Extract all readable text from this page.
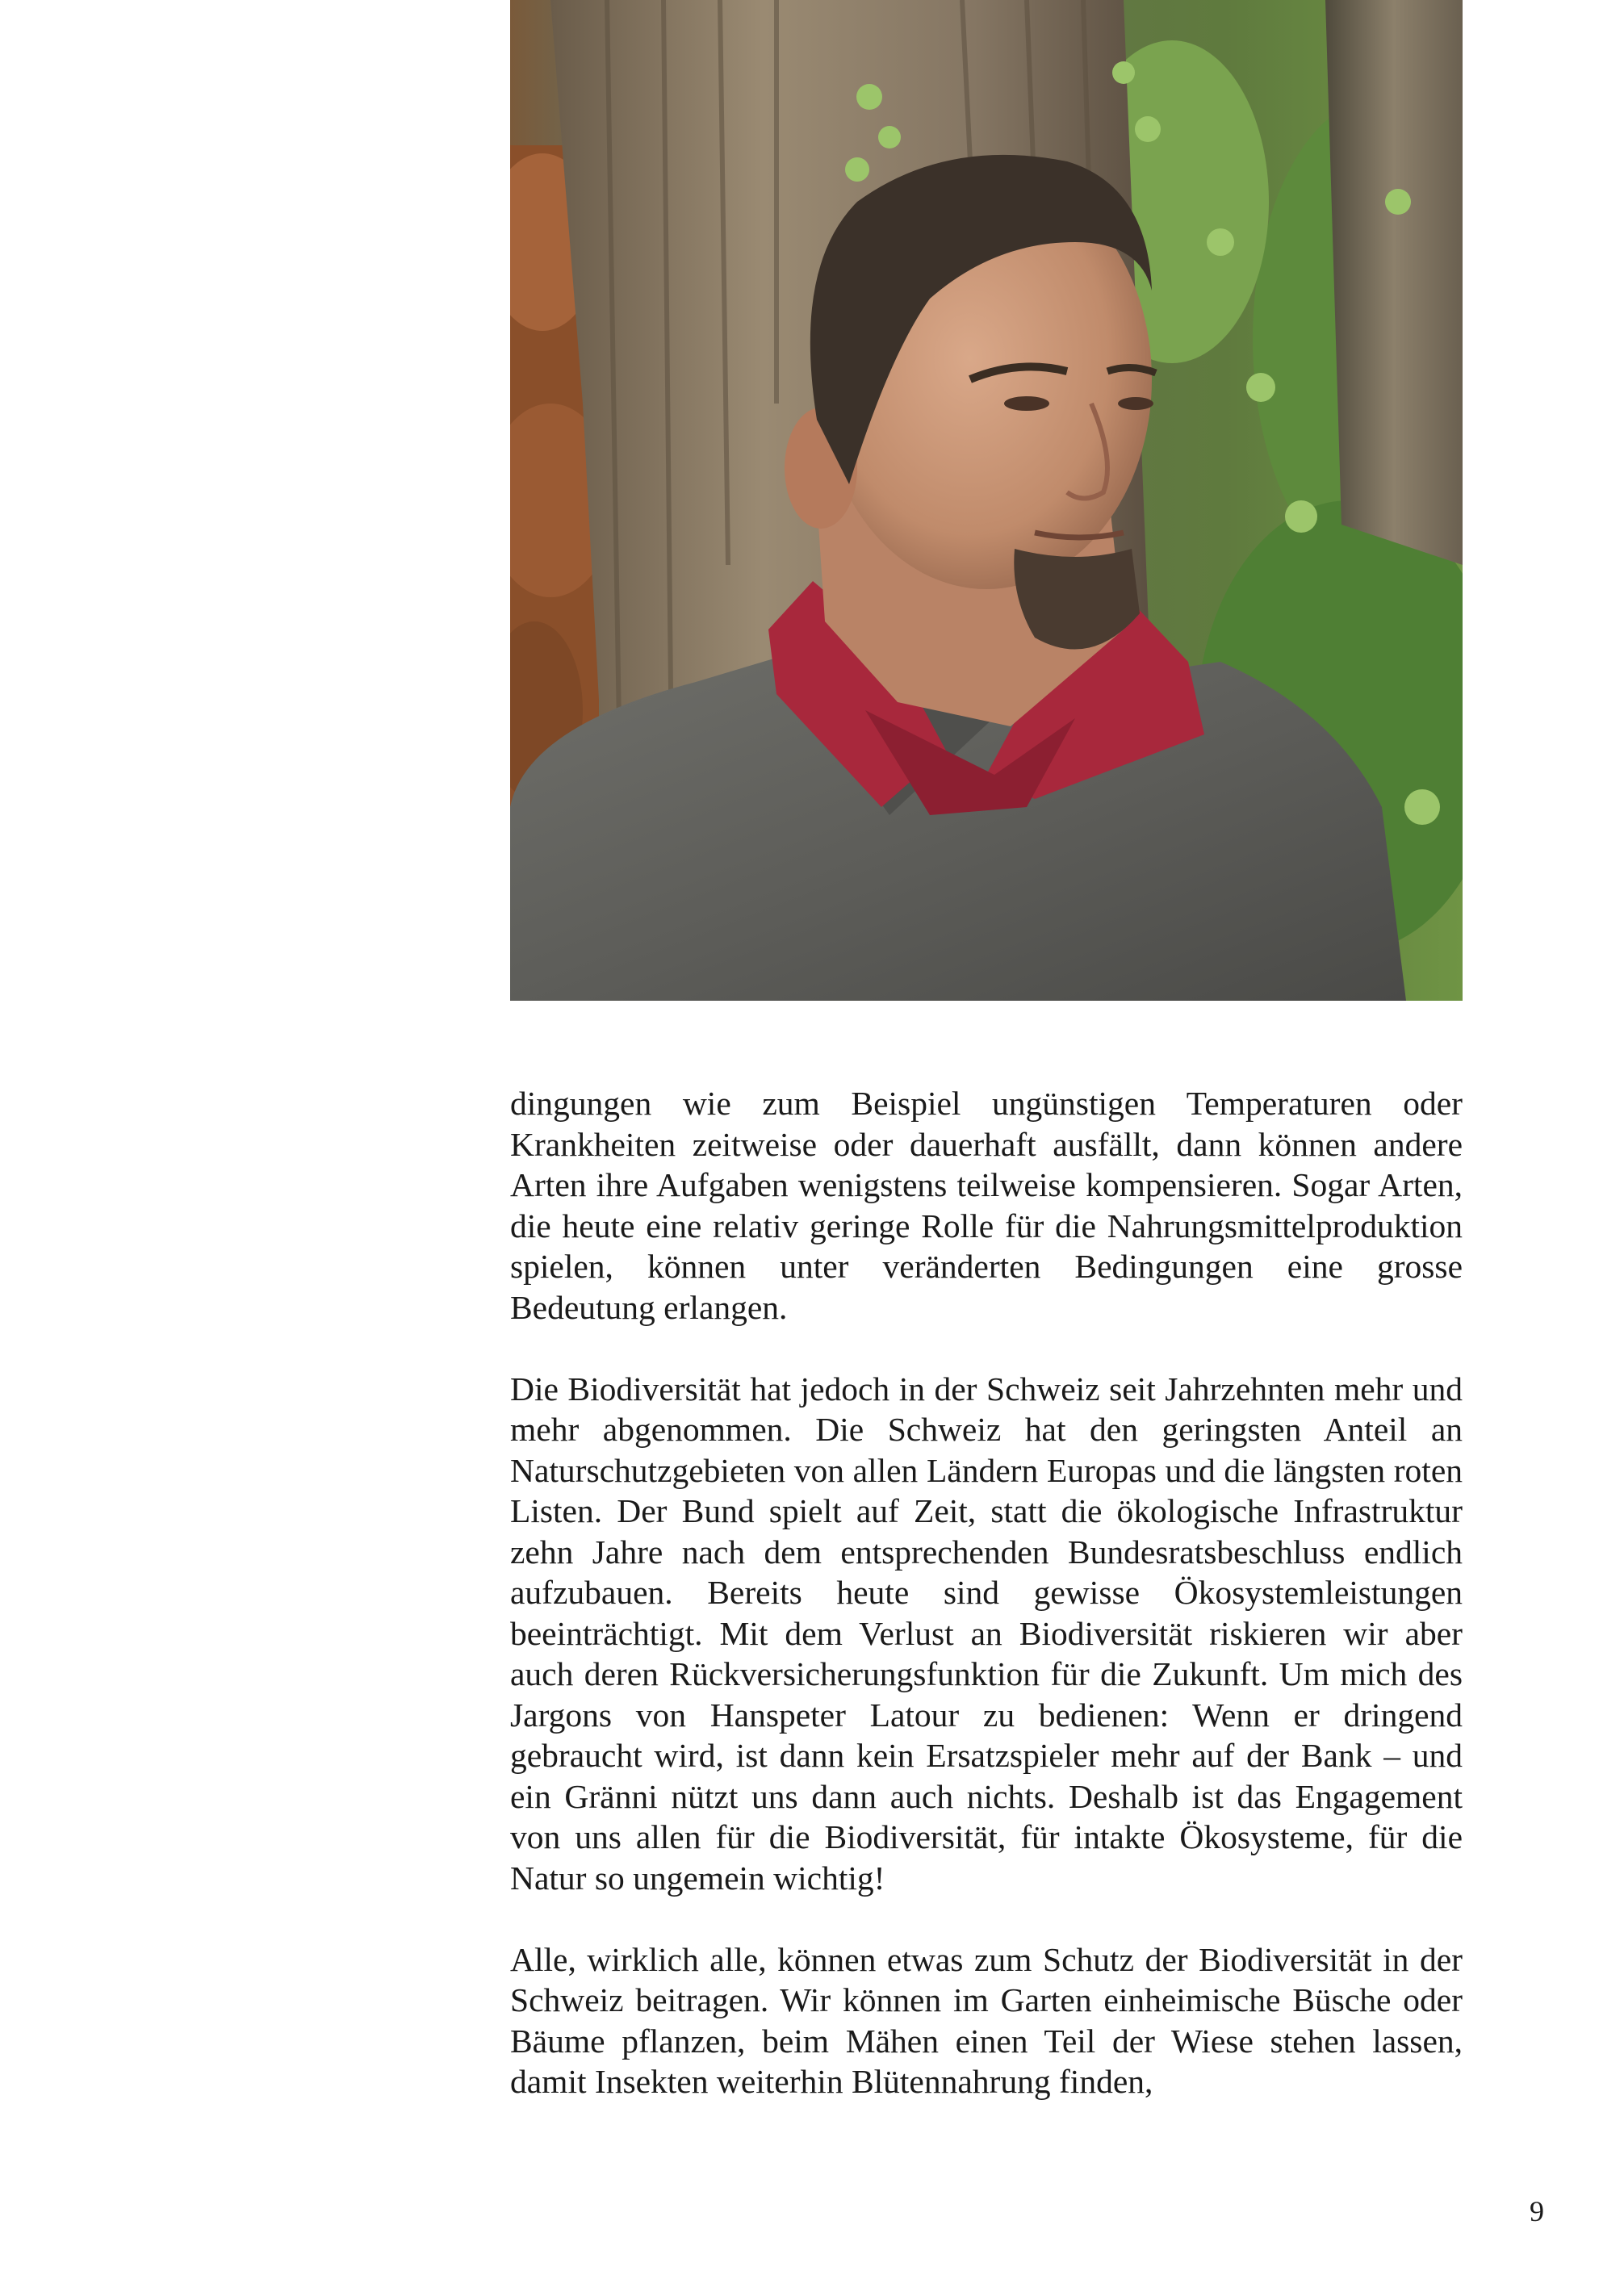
dingungen wie zum Beispiel ungünstigen Temperaturen oder Krankheiten zeitweise oder dauerhaft ausfällt, dann können andere Arten ihre Aufgaben wenigstens teilweise kompensieren. Sogar Arten, die heute eine relativ geringe Rolle für die Nahrungsmittelproduktion spielen, können unter veränderten Bedingungen eine grosse Bedeutung erlangen.

Die Biodiversität hat jedoch in der Schweiz seit Jahrzehnten mehr und mehr abgenommen. Die Schweiz hat den geringsten Anteil an Naturschutzgebieten von allen Ländern Europas und die längsten roten Listen. Der Bund spielt auf Zeit, statt die ökologische Infrastruktur zehn Jahre nach dem entsprechenden Bundesratsbeschluss endlich aufzubauen. Bereits heute sind gewisse Ökosystemleistungen beeinträchtigt. Mit dem Verlust an Biodiversität riskieren wir aber auch deren Rückversicherungsfunktion für die Zukunft. Um mich des Jargons von Hanspeter Latour zu bedienen: Wenn er dringend gebraucht wird, ist dann kein Ersatzspieler mehr auf der Bank – und ein Gränni nützt uns dann auch nichts. Deshalb ist das Engagement von uns allen für die Biodiversität, für intakte Ökosysteme, für die Natur so ungemein wichtig!

Alle, wirklich alle, können etwas zum Schutz der Biodiversität in der Schweiz beitragen. Wir können im Garten einheimische Büsche oder Bäume pflanzen, beim Mähen einen Teil der Wiese stehen lassen, damit Insekten weiterhin Blütennahrung finden,

9
